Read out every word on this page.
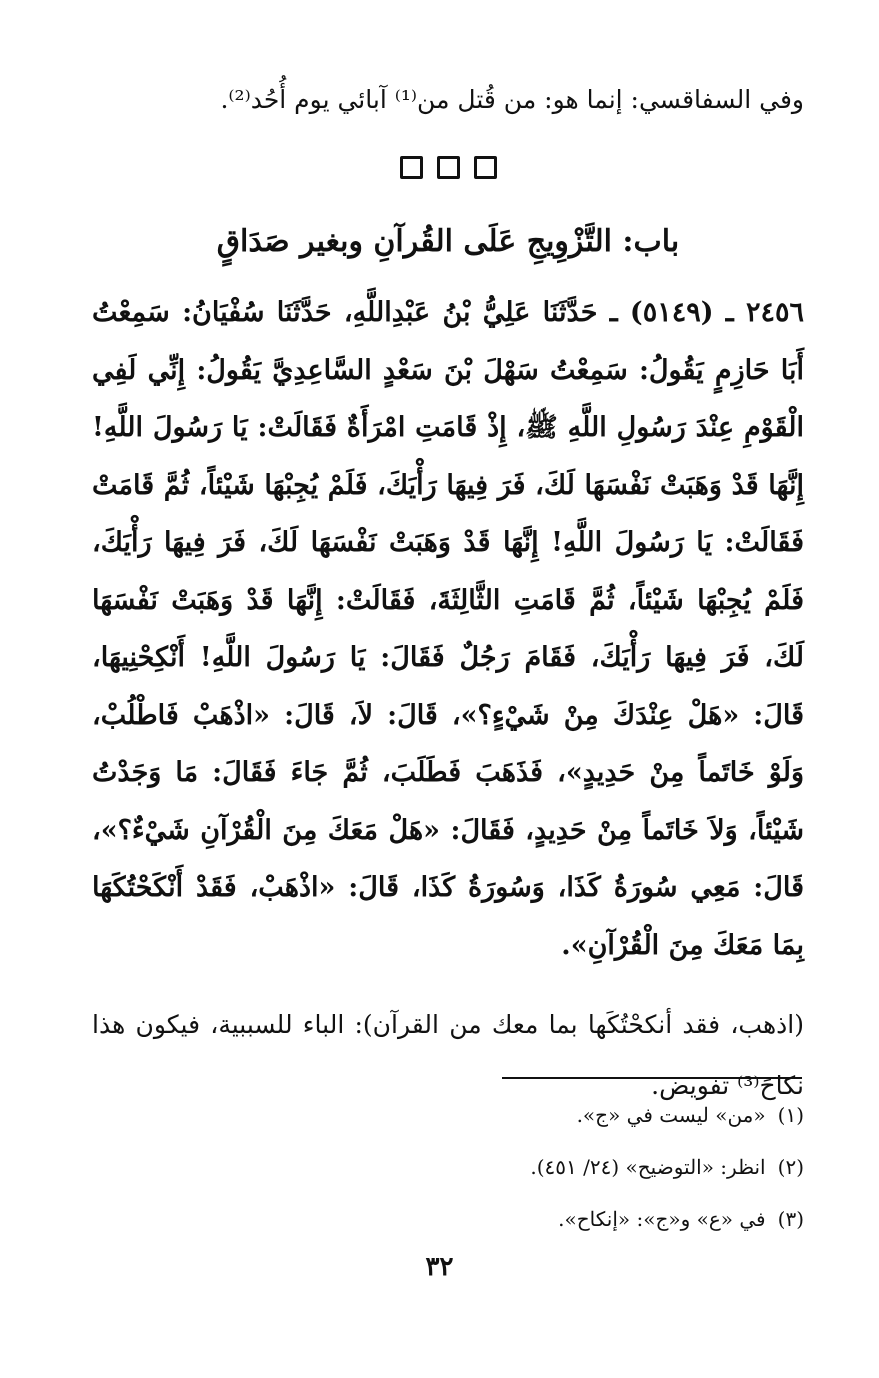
وفي السفاقسي: إنما هو: من قُتل من⁽¹⁾ آبائي يوم أُحُد⁽²⁾.

باب: التَّزْوِيجِ عَلَى القُرآنِ وبغير صَدَاقٍ

٢٤٥٦ ـ (٥١٤٩) ـ حَدَّثَنَا عَلِيُّ بْنُ عَبْدِاللَّهِ، حَدَّثَنَا سُفْيَانُ: سَمِعْتُ أَبَا حَازِمٍ يَقُولُ: سَمِعْتُ سَهْلَ بْنَ سَعْدٍ السَّاعِدِيَّ يَقُولُ: إِنِّي لَفِي الْقَوْمِ عِنْدَ رَسُولِ اللَّهِ ﷺ، إِذْ قَامَتِ امْرَأَةٌ فَقَالَتْ: يَا رَسُولَ اللَّهِ! إِنَّهَا قَدْ وَهَبَتْ نَفْسَهَا لَكَ، فَرَ فِيهَا رَأْيَكَ، فَلَمْ يُجِبْهَا شَيْئاً، ثُمَّ قَامَتْ فَقَالَتْ: يَا رَسُولَ اللَّهِ! إِنَّهَا قَدْ وَهَبَتْ نَفْسَهَا لَكَ، فَرَ فِيهَا رَأْيَكَ، فَلَمْ يُجِبْهَا شَيْئاً، ثُمَّ قَامَتِ الثَّالِثَةَ، فَقَالَتْ: إِنَّهَا قَدْ وَهَبَتْ نَفْسَهَا لَكَ، فَرَ فِيهَا رَأْيَكَ، فَقَامَ رَجُلٌ فَقَالَ: يَا رَسُولَ اللَّهِ! أَنْكِحْنِيهَا، قَالَ: «هَلْ عِنْدَكَ مِنْ شَيْءٍ؟»، قَالَ: لاَ، قَالَ: «اذْهَبْ فَاطْلُبْ، وَلَوْ خَاتَماً مِنْ حَدِيدٍ»، فَذَهَبَ فَطَلَبَ، ثُمَّ جَاءَ فَقَالَ: مَا وَجَدْتُ شَيْئاً، وَلاَ خَاتَماً مِنْ حَدِيدٍ، فَقَالَ: «هَلْ مَعَكَ مِنَ الْقُرْآنِ شَيْءٌ؟»، قَالَ: مَعِي سُورَةُ كَذَا، وَسُورَةُ كَذَا، قَالَ: «اذْهَبْ، فَقَدْ أَنْكَحْتُكَهَا بِمَا مَعَكَ مِنَ الْقُرْآنِ».

(اذهب، فقد أنكحْتُكَها بما معك من القرآن): الباء للسببية، فيكون هذا نكاحَ⁽³⁾ تفويض.

(١)«من» ليست في «ج».

(٢)انظر: «التوضيح» (٢٤/ ٤٥١).

(٣)في «ع» و«ج»: «إنكاح».

٣٢
